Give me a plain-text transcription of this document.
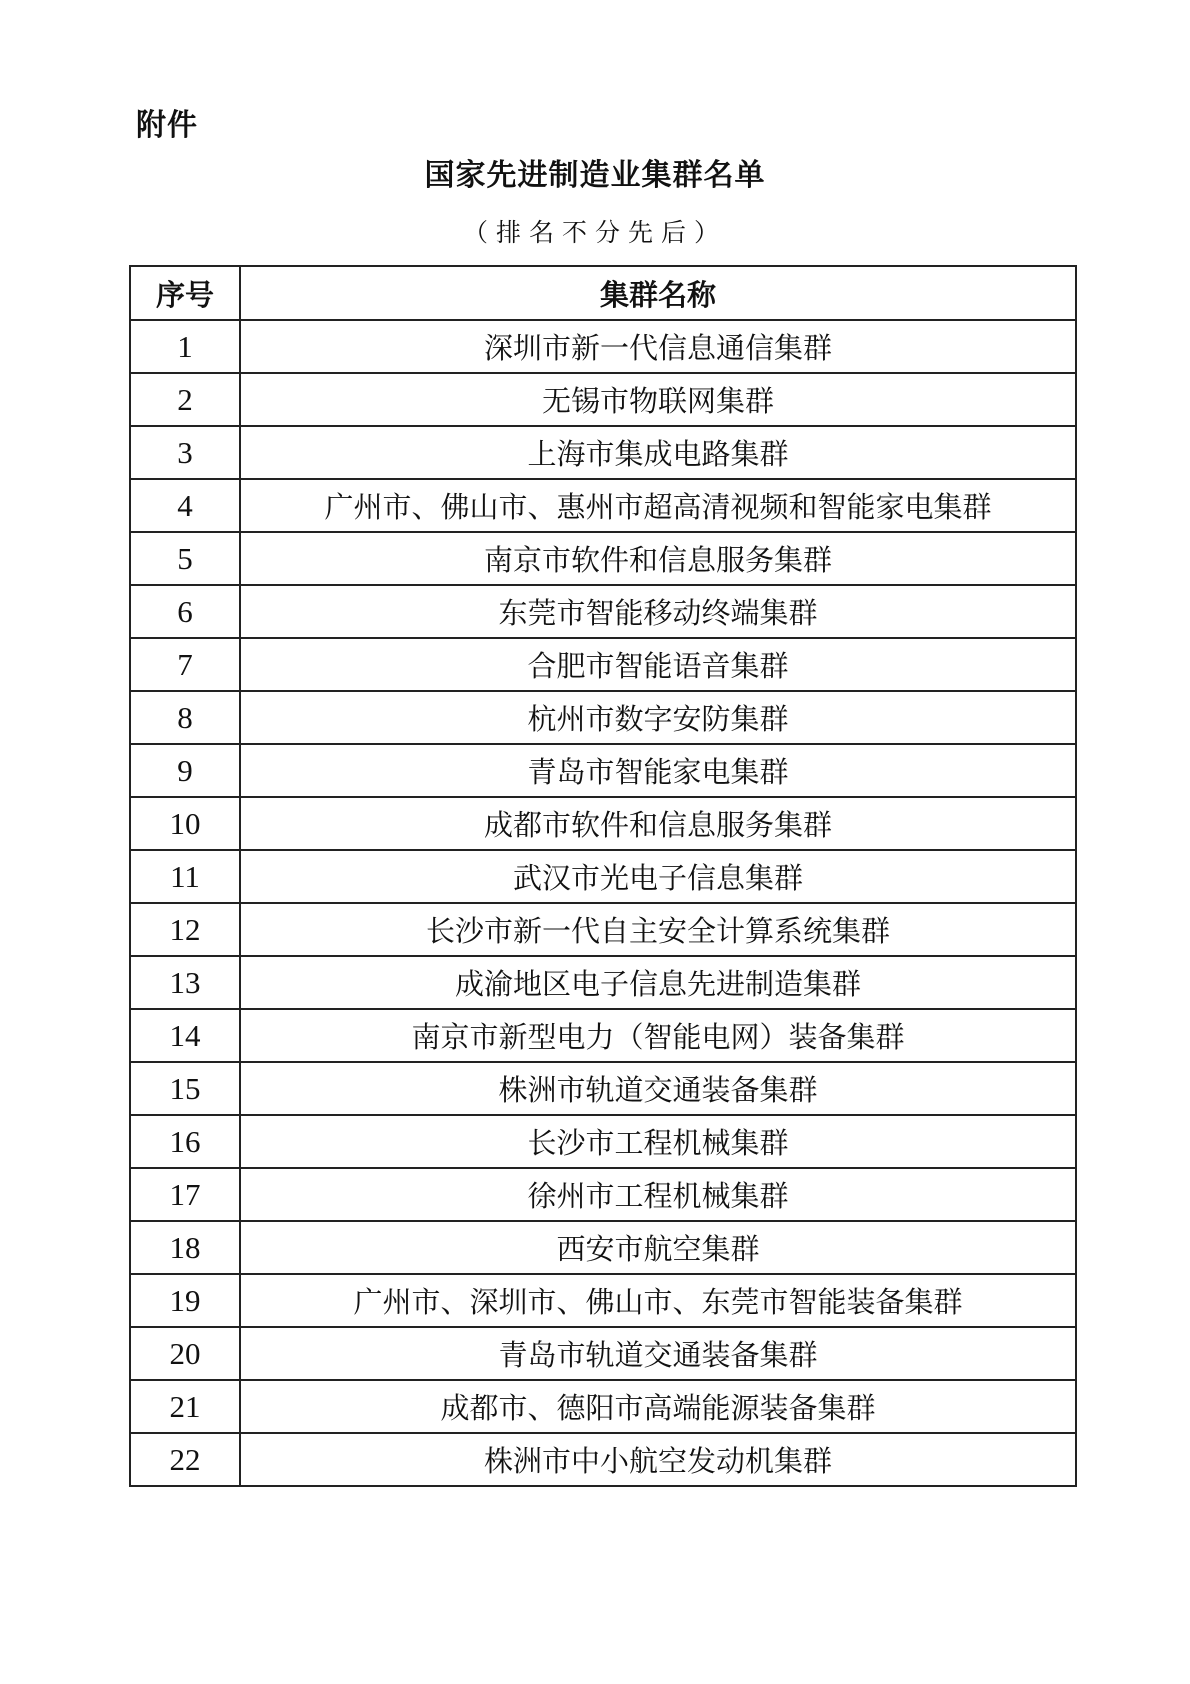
附件
国家先进制造业集群名单
（排名不分先后）
序号	集群名称
1	深圳市新一代信息通信集群
2	无锡市物联网集群
3	上海市集成电路集群
4	广州市、佛山市、惠州市超高清视频和智能家电集群
5	南京市软件和信息服务集群
6	东莞市智能移动终端集群
7	合肥市智能语音集群
8	杭州市数字安防集群
9	青岛市智能家电集群
10	成都市软件和信息服务集群
11	武汉市光电子信息集群
12	长沙市新一代自主安全计算系统集群
13	成渝地区电子信息先进制造集群
14	南京市新型电力（智能电网）装备集群
15	株洲市轨道交通装备集群
16	长沙市工程机械集群
17	徐州市工程机械集群
18	西安市航空集群
19	广州市、深圳市、佛山市、东莞市智能装备集群
20	青岛市轨道交通装备集群
21	成都市、德阳市高端能源装备集群
22	株洲市中小航空发动机集群
